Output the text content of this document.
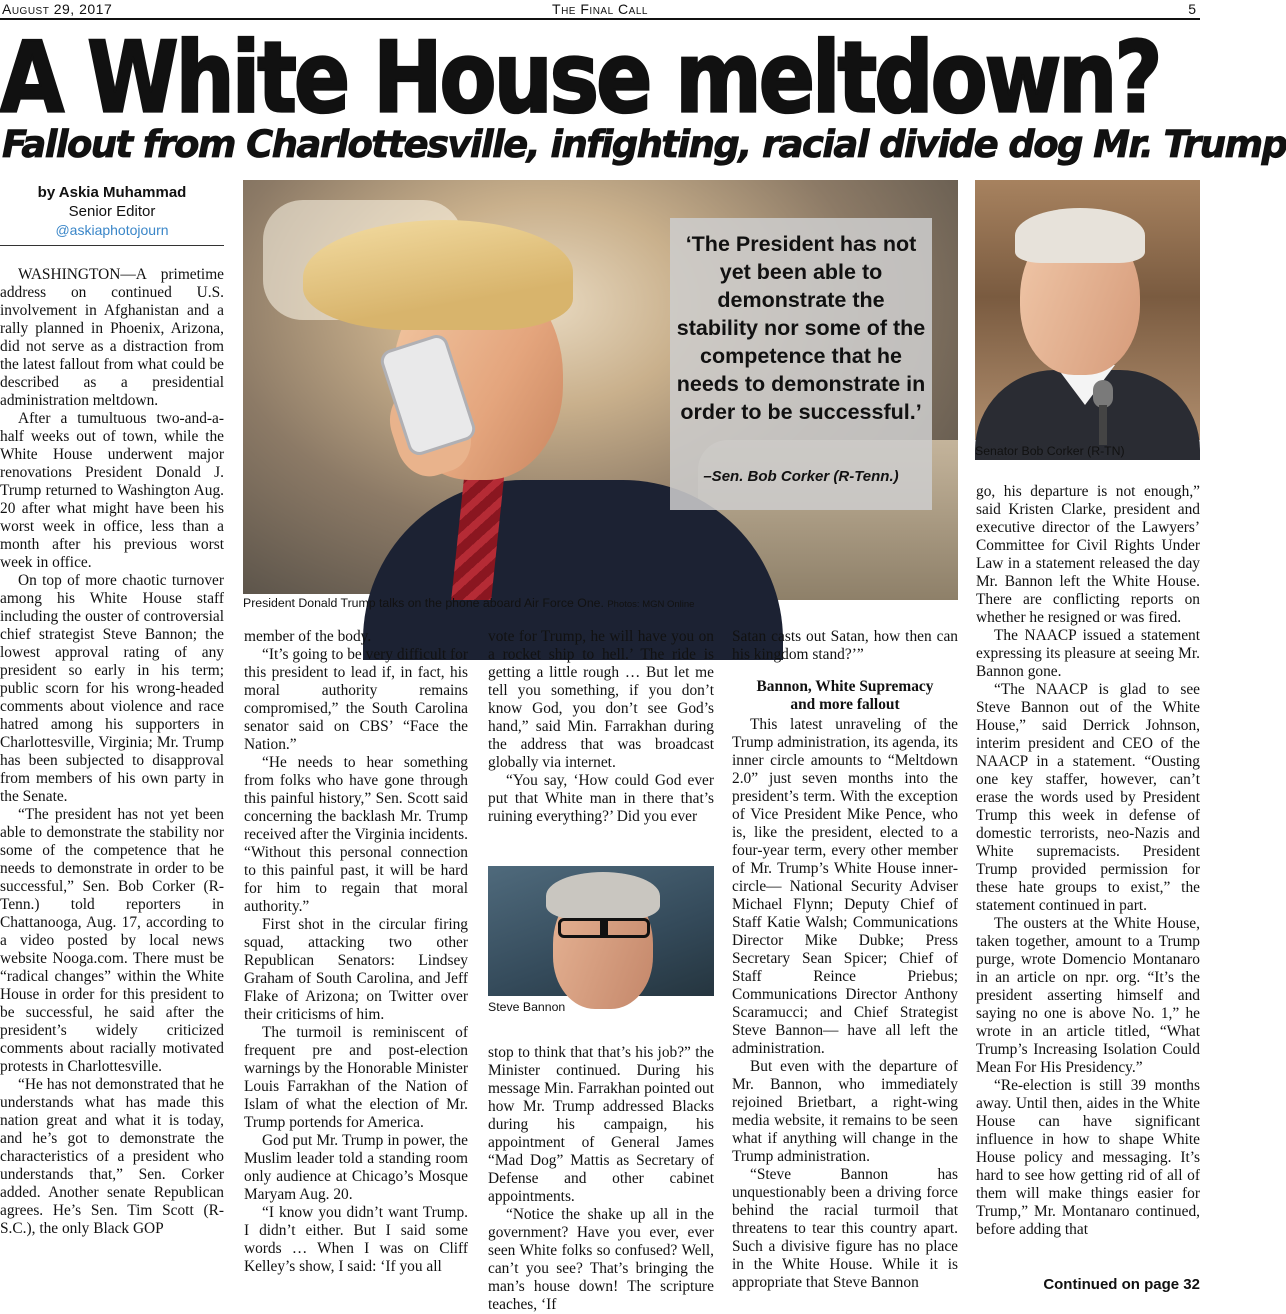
August 29, 2017	The Final Call	5
A White House meltdown?
Fallout from Charlottesville, infighting, racial divide dog Mr. Trump
by Askia Muhammad
Senior Editor
@askiaphotojourn

WASHINGTON—A primetime address on continued U.S. involvement in Afghanistan and a rally planned in Phoenix, Arizona, did not serve as a distraction from the latest fallout from what could be described as a presidential administration meltdown.

After a tumultuous two-and-a-half weeks out of town, while the White House underwent major renovations President Donald J. Trump returned to Washington Aug. 20 after what might have been his worst week in office, less than a month after his previous worst week in office.

On top of more chaotic turnover among his White House staff including the ouster of controversial chief strategist Steve Bannon; the lowest approval rating of any president so early in his term; public scorn for his wrong-headed comments about violence and race hatred among his supporters in Charlottesville, Virginia; Mr. Trump has been subjected to disapproval from members of his own party in the Senate.

“The president has not yet been able to demonstrate the stability nor some of the competence that he needs to demonstrate in order to be successful,” Sen. Bob Corker (R-Tenn.) told reporters in Chattanooga, Aug. 17, according to a video posted by local news website Nooga.com. There must be “radical changes” within the White House in order for this president to be successful, he said after the president’s widely criticized comments about racially motivated protests in Charlottesville.

“He has not demonstrated that he understands what has made this nation great and what it is today, and he’s got to demonstrate the characteristics of a president who understands that,” Sen. Corker added. Another senate Republican agrees. He’s Sen. Tim Scott (R-S.C.), the only Black GOP

‘The President has not yet been able to demonstrate the stability nor some of the competence that he needs to demonstrate in order to be successful.’
–Sen. Bob Corker (R-Tenn.)
President Donald Trump talks on the phone aboard Air Force One. Photos: MGN Online
Senator Bob Corker (R-TN)

member of the body.

“It’s going to be very difficult for this president to lead if, in fact, his moral authority remains compromised,” the South Carolina senator said on CBS’ “Face the Nation.”

“He needs to hear something from folks who have gone through this painful history,” Sen. Scott said concerning the backlash Mr. Trump received after the Virginia incidents. “Without this personal connection to this painful past, it will be hard for him to regain that moral authority.”

First shot in the circular firing squad, attacking two other Republican Senators: Lindsey Graham of South Carolina, and Jeff Flake of Arizona; on Twitter over their criticisms of him.

The turmoil is reminiscent of frequent pre and post-election warnings by the Honorable Minister Louis Farrakhan of the Nation of Islam of what the election of Mr. Trump portends for America.

God put Mr. Trump in power, the Muslim leader told a standing room only audience at Chicago’s Mosque Maryam Aug. 20.

“I know you didn’t want Trump. I didn’t either. But I said some words … When I was on Cliff Kelley’s show, I said: ‘If you all

vote for Trump, he will have you on a rocket ship to hell.’ The ride is getting a little rough … But let me tell you something, if you don’t know God, you don’t see God’s hand,” said Min. Farrakhan during the address that was broadcast globally via internet.

“You say, ‘How could God ever put that White man in there that’s ruining everything?’ Did you ever

Steve Bannon

stop to think that that’s his job?” the Minister continued. During his message Min. Farrakhan pointed out how Mr. Trump addressed Blacks during his campaign, his appointment of General James “Mad Dog” Mattis as Secretary of Defense and other cabinet appointments.

“Notice the shake up all in the government? Have you ever, ever seen White folks so confused? Well, can’t you see? That’s bringing the man’s house down! The scripture teaches, ‘If

Satan casts out Satan, how then can his kingdom stand?’”

Bannon, White Supremacy
and more fallout

This latest unraveling of the Trump administration, its agenda, its inner circle amounts to “Meltdown 2.0” just seven months into the president’s term. With the exception of Vice President Mike Pence, who is, like the president, elected to a four-year term, every other member of Mr. Trump’s White House inner-circle— National Security Adviser Michael Flynn; Deputy Chief of Staff Katie Walsh; Communications Director Mike Dubke; Press Secretary Sean Spicer; Chief of Staff Reince Priebus; Communications Director Anthony Scaramucci; and Chief Strategist Steve Bannon— have all left the administration.

But even with the departure of Mr. Bannon, who immediately rejoined Brietbart, a right-wing media website, it remains to be seen what if anything will change in the Trump administration.

“Steve Bannon has unquestionably been a driving force behind the racial turmoil that threatens to tear this country apart. Such a divisive figure has no place in the White House. While it is appropriate that Steve Bannon

go, his departure is not enough,” said Kristen Clarke, president and executive director of the Lawyers’ Committee for Civil Rights Under Law in a statement released the day Mr. Bannon left the White House. There are conflicting reports on whether he resigned or was fired.

The NAACP issued a statement expressing its pleasure at seeing Mr. Bannon gone.

“The NAACP is glad to see Steve Bannon out of the White House,” said Derrick Johnson, interim president and CEO of the NAACP in a statement. “Ousting one key staffer, however, can’t erase the words used by President Trump this week in defense of domestic terrorists, neo-Nazis and White supremacists. President Trump provided permission for these hate groups to exist,” the statement continued in part.

The ousters at the White House, taken together, amount to a Trump purge, wrote Domencio Montanaro in an article on npr. org. “It’s the president asserting himself and saying no one is above No. 1,” he wrote in an article titled, “What Trump’s Increasing Isolation Could Mean For His Presidency.”

“Re-election is still 39 months away. Until then, aides in the White House can have significant influence in how to shape White House policy and messaging. It’s hard to see how getting rid of all of them will make things easier for Trump,” Mr. Montanaro continued, before adding that

Continued on page 32
